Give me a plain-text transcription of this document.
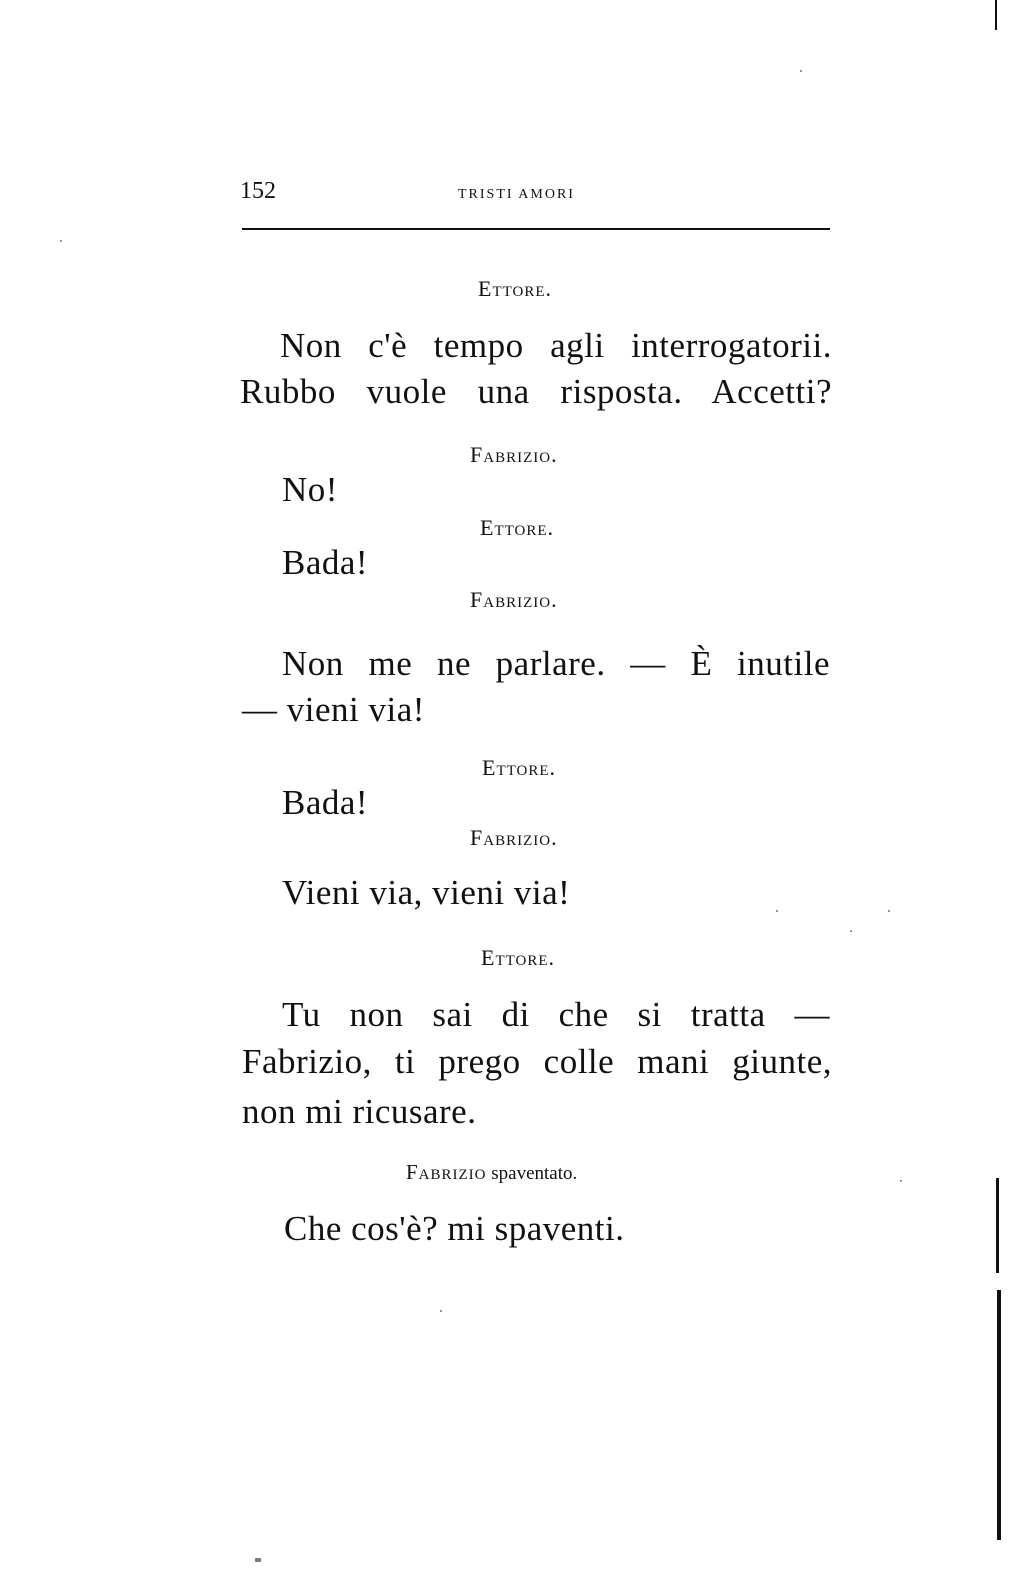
152	TRISTI AMORI
Ettore.
Non c'è tempo agli interrogatorii.
Rubbo vuole una risposta. Accetti?
Fabrizio.
No!
Ettore.
Bada!
Fabrizio.
Non me ne parlare. — È inutile
— vieni via!
Ettore.
Bada!
Fabrizio.
Vieni via, vieni via!
Ettore.
Tu non sai di che si tratta —
Fabrizio, ti prego colle mani giunte,
non mi ricusare.
Fabrizio spaventato.
Che cos'è? mi spaventi.
